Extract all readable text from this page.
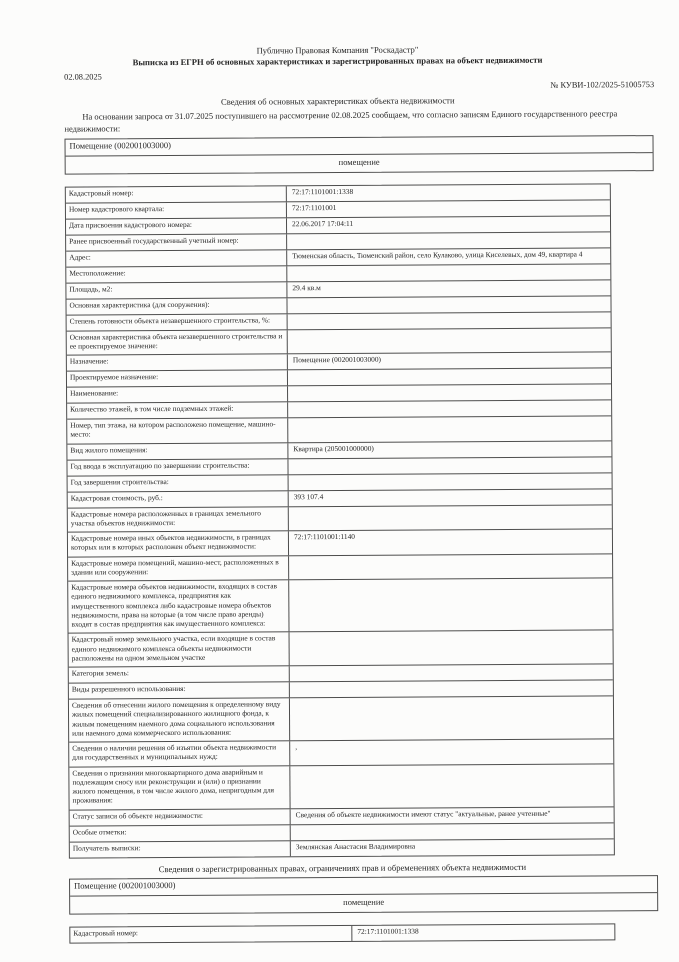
Публично Правовая Компания "Роскадастр"
Выписка из ЕГРН об основных характеристиках и зарегистрированных правах на объект недвижимости
02.08.2025
№ КУВИ-102/2025-51005753
Сведения об основных характеристиках объекта недвижимости
На основании запроса от 31.07.2025 поступившего на рассмотрение 02.08.2025 сообщаем, что согласно записям Единого государственного реестра недвижимости:
Помещение (002001003000)
помещение
Кадастровый номер:	72:17:1101001:1338
Номер кадастрового квартала:	72:17:1101001
Дата присвоения кадастрового номера:	22.06.2017 17:04:11
Ранее присвоенный государственный учетный номер:
Адрес:	Тюменская область, Тюменский район, село Кулаково, улица Киселевых, дом 49, квартира 4
Местоположение:
Площадь, м2:	29.4 кв.м
Основная характеристика (для сооружения):
Степень готовности объекта незавершенного строительства, %:
Основная характеристика объекта незавершенного строительства и ее проектируемое значение:
Назначение:	Помещение (002001003000)
Проектируемое назначение:
Наименование:
Количество этажей, в том числе подземных этажей:
Номер, тип этажа, на котором расположено помещение, машино-место:
Вид жилого помещения:	Квартира (205001000000)
Год ввода в эксплуатацию по завершении строительства:
Год завершения строительства:
Кадастровая стоимость, руб.:	393 107.4
Кадастровые номера расположенных в границах земельного участка объектов недвижимости:
Кадастровые номера иных объектов недвижимости, в границах которых или в которых расположен объект недвижимости:
72:17:1101001:1140
Кадастровые номера помещений, машино-мест, расположенных в здании или сооружении:
Кадастровые номера объектов недвижимости, входящих в состав единого недвижимого комплекса, предприятия как имущественного комплекса либо кадастровые номера объектов недвижимости, права на которые (в том числе право аренды) входят в состав предприятия как имущественного комплекса:
Кадастровый номер земельного участка, если входящие в состав единого недвижимого комплекса объекты недвижимости расположены на одном земельном участке
Категория земель:
Виды разрешенного использования:
Сведения об отнесении жилого помещения к определенному виду жилых помещений специализированного жилищного фонда, к жилым помещениям наемного дома социального использования или наемного дома коммерческого использования:
Сведения о наличии решения об изъятии объекта недвижимости для государственных и муниципальных нужд:
,
Сведения о признании многоквартирного дома аварийным и подлежащим сносу или реконструкции и (или) о признании жилого помещения, в том числе жилого дома, непригодным для проживания:
Статус записи об объекте недвижимости:	Сведения об объекте недвижимости имеют статус "актуальные, ранее учтенные"
Особые отметки:
Получатель выписки:	Землянская Анастасия Владимировна
Сведения о зарегистрированных правах, ограничениях прав и обременениях объекта недвижимости
Помещение (002001003000)
помещение
Кадастровый номер:	72:17:1101001:1338
